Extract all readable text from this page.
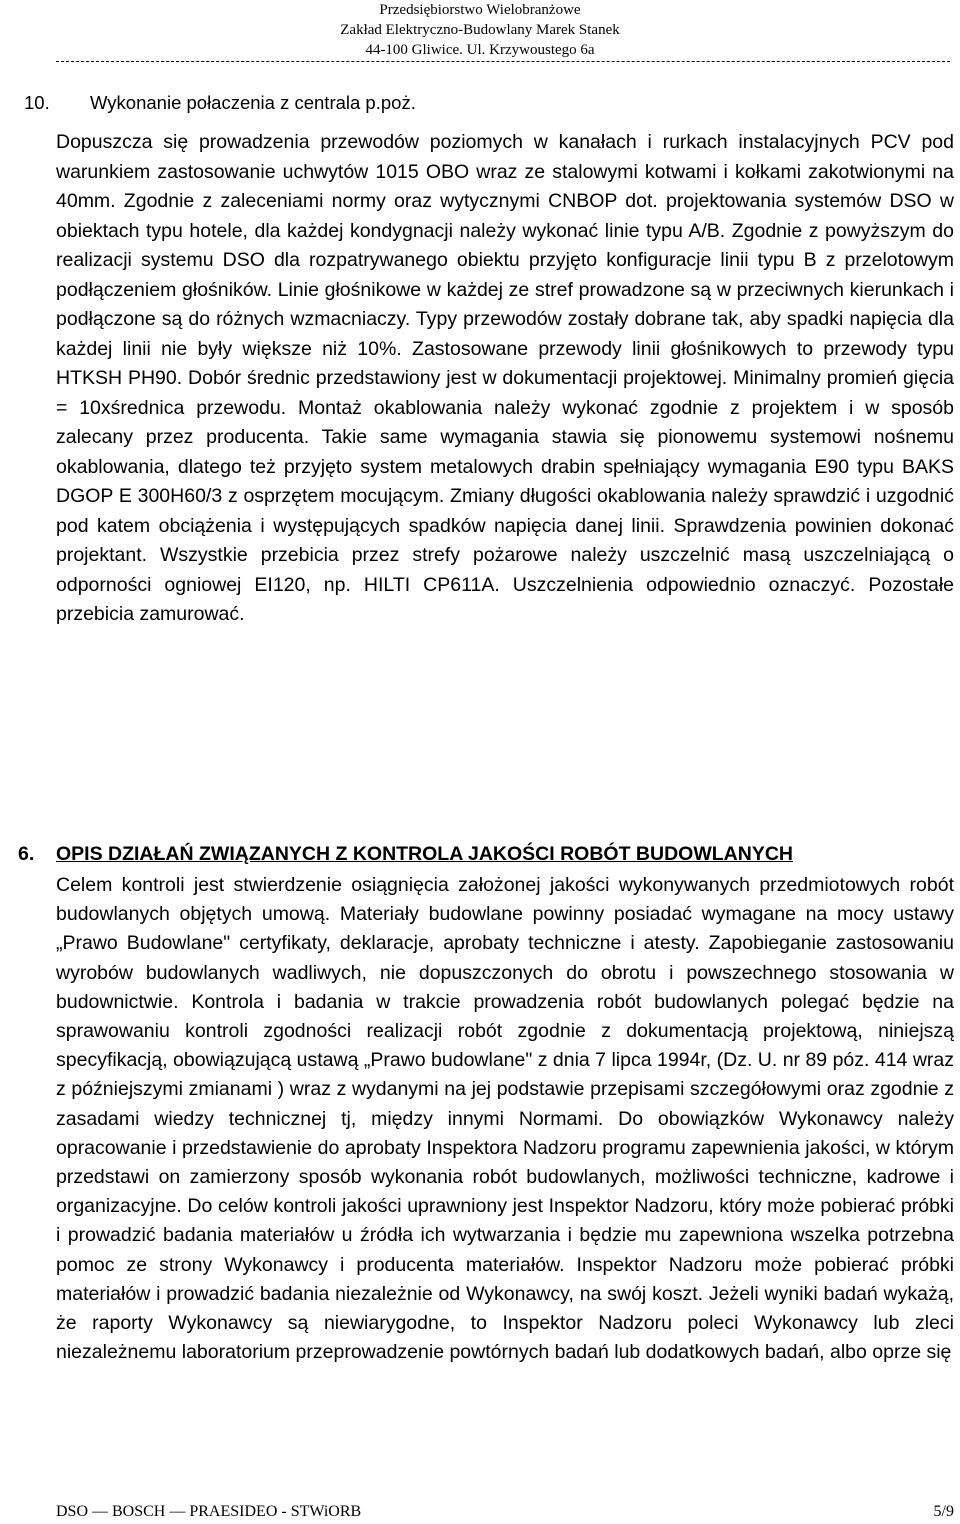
Przedsiębiorstwo Wielobranżowe
Zakład Elektryczno-Budowlany Marek Stanek
44-100 Gliwice. Ul. Krzywoustego 6a
10. Wykonanie połaczenia z centrala p.poż.

Dopuszcza się prowadzenia przewodów poziomych w kanałach i rurkach instalacyjnych PCV pod warunkiem zastosowanie uchwytów 1015 OBO wraz ze stalowymi kotwami i kołkami zakotwionymi na 40mm. Zgodnie z zaleceniami normy oraz wytycznymi CNBOP dot. projektowania systemów DSO w obiektach typu hotele, dla każdej kondygnacji należy wykonać linie typu A/B. Zgodnie z powyższym do realizacji systemu DSO dla rozpatrywanego obiektu przyjęto konfiguracje linii typu B z przelotowym podłączeniem głośników. Linie głośnikowe w każdej ze stref prowadzone są w przeciwnych kierunkach i podłączone są do różnych wzmacniaczy. Typy przewodów zostały dobrane tak, aby spadki napięcia dla każdej linii nie były większe niż 10%. Zastosowane przewody linii głośnikowych to przewody typu HTKSH PH90. Dobór średnic przedstawiony jest w dokumentacji projektowej. Minimalny promień gięcia = 10xśrednica przewodu. Montaż okablowania należy wykonać zgodnie z projektem i w sposób zalecany przez producenta. Takie same wymagania stawia się pionowemu systemowi nośnemu okablowania, dlatego też przyjęto system metalowych drabin spełniający wymagania E90 typu BAKS DGOP E 300H60/3 z osprzętem mocującym. Zmiany długości okablowania należy sprawdzić i uzgodnić pod katem obciążenia i występujących spadków napięcia danej linii. Sprawdzenia powinien dokonać projektant. Wszystkie przebicia przez strefy pożarowe należy uszczelnić masą uszczelniającą o odporności ogniowej EI120, np. HILTI CP611A. Uszczelnienia odpowiednio oznaczyć. Pozostałe przebicia zamurować.

6. OPIS DZIAŁAŃ ZWIĄZANYCH Z KONTROLA JAKOŚCI ROBÓT BUDOWLANYCH

Celem kontroli jest stwierdzenie osiągnięcia założonej jakości wykonywanych przedmiotowych robót budowlanych objętych umową. Materiały budowlane powinny posiadać wymagane na mocy ustawy „Prawo Budowlane" certyfikaty, deklaracje, aprobaty techniczne i atesty. Zapobieganie zastosowaniu wyrobów budowlanych wadliwych, nie dopuszczonych do obrotu i powszechnego stosowania w budownictwie. Kontrola i badania w trakcie prowadzenia robót budowlanych polegać będzie na sprawowaniu kontroli zgodności realizacji robót zgodnie z dokumentacją projektową, niniejszą specyfikacją, obowiązującą ustawą „Prawo budowlane" z dnia 7 lipca 1994r, (Dz. U. nr 89 póz. 414 wraz z późniejszymi zmianami ) wraz z wydanymi na jej podstawie przepisami szczegółowymi oraz zgodnie z zasadami wiedzy technicznej tj, między innymi Normami. Do obowiązków Wykonawcy należy opracowanie i przedstawienie do aprobaty Inspektora Nadzoru programu zapewnienia jakości, w którym przedstawi on zamierzony sposób wykonania robót budowlanych, możliwości techniczne, kadrowe i organizacyjne. Do celów kontroli jakości uprawniony jest Inspektor Nadzoru, który może pobierać próbki i prowadzić badania materiałów u źródła ich wytwarzania i będzie mu zapewniona wszelka potrzebna pomoc ze strony Wykonawcy i producenta materiałów. Inspektor Nadzoru może pobierać próbki materiałów i prowadzić badania niezależnie od Wykonawcy, na swój koszt. Jeżeli wyniki badań wykażą, że raporty Wykonawcy są niewiarygodne, to Inspektor Nadzoru poleci Wykonawcy lub zleci niezależnemu laboratorium przeprowadzenie powtórnych badań lub dodatkowych badań, albo oprze się

DSO — BOSCH — PRAESIDEO - STWiORB	5/9
